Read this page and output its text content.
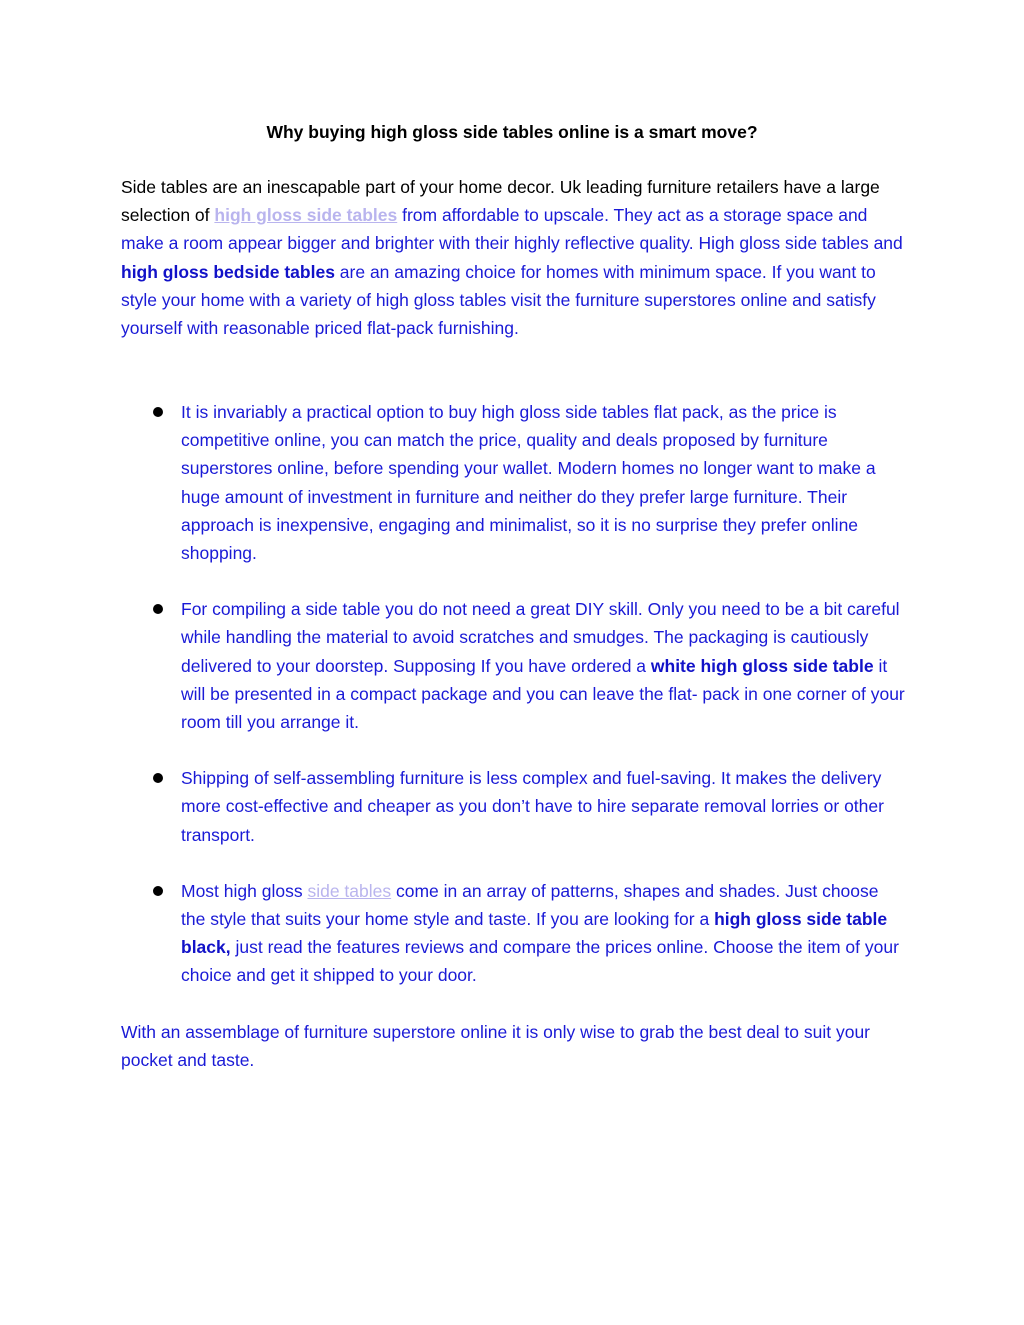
Why buying high gloss side tables online is a smart move?

Side tables are an inescapable part of your home decor. Uk leading furniture retailers have a large selection of high gloss side tables from affordable to upscale. They act as a storage space and make a room appear bigger and brighter with their highly reflective quality. High gloss side tables and high gloss bedside tables are an amazing choice for homes with minimum space. If you want to style your home with a variety of high gloss tables visit the furniture superstores online and satisfy yourself with reasonable priced flat-pack furnishing.

It is invariably a practical option to buy high gloss side tables flat pack, as the price is competitive online, you can match the price, quality and deals proposed by furniture superstores online, before spending your wallet. Modern homes no longer want to make a huge amount of investment in furniture and neither do they prefer large furniture. Their approach is inexpensive, engaging and minimalist, so it is no surprise they prefer online shopping.
For compiling a side table you do not need a great DIY skill. Only you need to be a bit careful while handling the material to avoid scratches and smudges. The packaging is cautiously delivered to your doorstep. Supposing If you have ordered a white high gloss side table it will be presented in a compact package and you can leave the flat- pack in one corner of your room till you arrange it.
Shipping of self-assembling furniture is less complex and fuel-saving. It makes the delivery more cost-effective and cheaper as you don’t have to hire separate removal lorries or other transport.
Most high gloss side tables come in an array of patterns, shapes and shades. Just choose the style that suits your home style and taste. If you are looking for a high gloss side table black, just read the features reviews and compare the prices online. Choose the item of your choice and get it shipped to your door.

With an assemblage of furniture superstore online it is only wise to grab the best deal to suit your pocket and taste.
